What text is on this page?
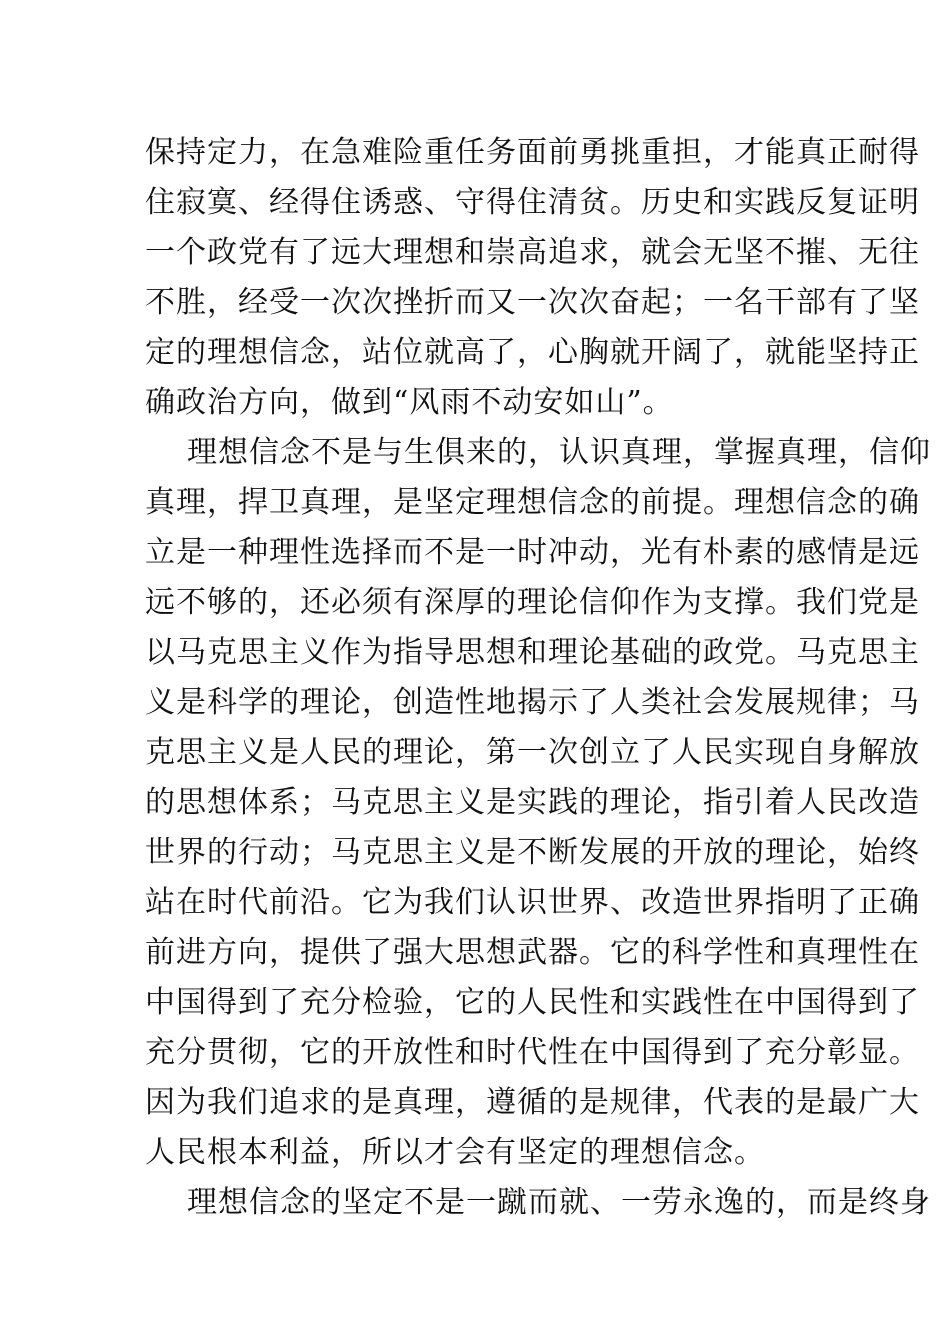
保持定力，在急难险重任务面前勇挑重担，才能真正耐得
住寂寞、经得住诱惑、守得住清贫。历史和实践反复证明
一个政党有了远大理想和崇高追求，就会无坚不摧、无往
不胜，经受一次次挫折而又一次次奋起；一名干部有了坚
定的理想信念，站位就高了，心胸就开阔了，就能坚持正
确政治方向，做到“风雨不动安如山”。
理想信念不是与生俱来的，认识真理，掌握真理，信仰
真理，捍卫真理，是坚定理想信念的前提。理想信念的确
立是一种理性选择而不是一时冲动，光有朴素的感情是远
远不够的，还必须有深厚的理论信仰作为支撑。我们党是
以马克思主义作为指导思想和理论基础的政党。马克思主
义是科学的理论，创造性地揭示了人类社会发展规律；马
克思主义是人民的理论，第一次创立了人民实现自身解放
的思想体系；马克思主义是实践的理论，指引着人民改造
世界的行动；马克思主义是不断发展的开放的理论，始终
站在时代前沿。它为我们认识世界、改造世界指明了正确
前进方向，提供了强大思想武器。它的科学性和真理性在
中国得到了充分检验，它的人民性和实践性在中国得到了
充分贯彻，它的开放性和时代性在中国得到了充分彰显。
因为我们追求的是真理，遵循的是规律，代表的是最广大
人民根本利益，所以才会有坚定的理想信念。
理想信念的坚定不是一蹴而就、一劳永逸的，而是终身
